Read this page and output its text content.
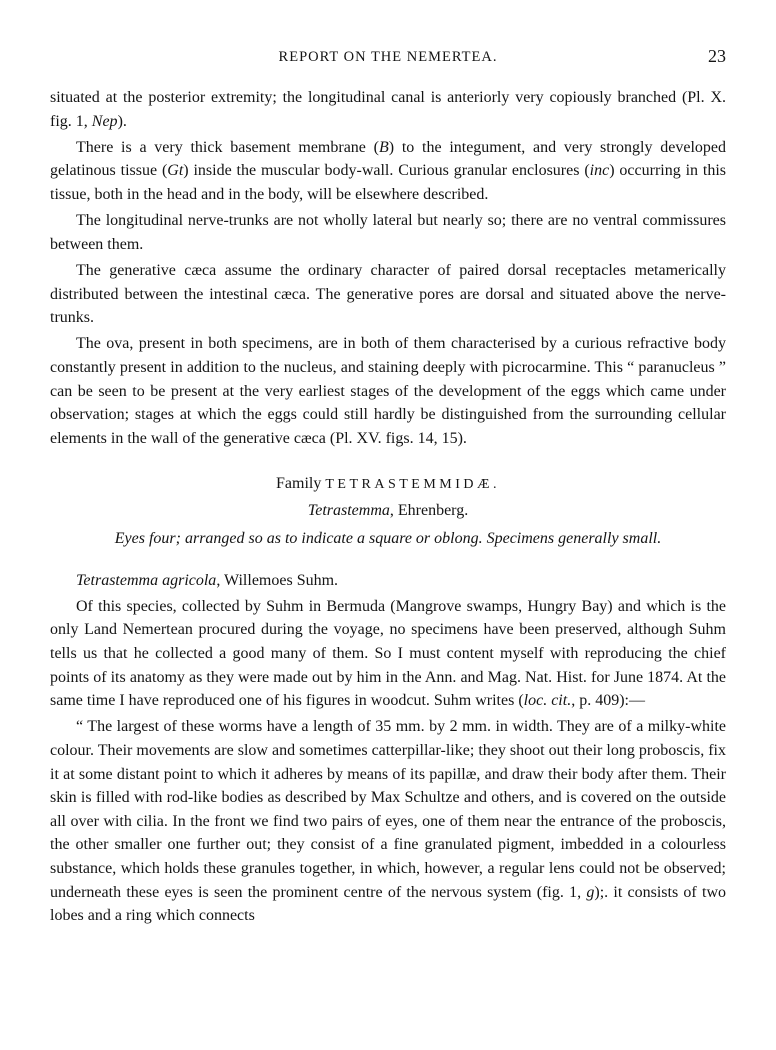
REPORT ON THE NEMERTEA.	23

situated at the posterior extremity; the longitudinal canal is anteriorly very copiously branched (Pl. X. fig. 1, Nep).

There is a very thick basement membrane (B) to the integument, and very strongly developed gelatinous tissue (Gt) inside the muscular body-wall. Curious granular enclosures (inc) occurring in this tissue, both in the head and in the body, will be elsewhere described.

The longitudinal nerve-trunks are not wholly lateral but nearly so; there are no ventral commissures between them.

The generative cæca assume the ordinary character of paired dorsal receptacles metamerically distributed between the intestinal cæca. The generative pores are dorsal and situated above the nerve-trunks.

The ova, present in both specimens, are in both of them characterised by a curious refractive body constantly present in addition to the nucleus, and staining deeply with picrocarmine. This “ paranucleus ” can be seen to be present at the very earliest stages of the development of the eggs which came under observation; stages at which the eggs could still hardly be distinguished from the surrounding cellular elements in the wall of the generative cæca (Pl. XV. figs. 14, 15).

Family TETRASTEMMIDÆ.

Tetrastemma, Ehrenberg.

Eyes four; arranged so as to indicate a square or oblong. Specimens generally small.

Tetrastemma agricola, Willemoes Suhm.

Of this species, collected by Suhm in Bermuda (Mangrove swamps, Hungry Bay) and which is the only Land Nemertean procured during the voyage, no specimens have been preserved, although Suhm tells us that he collected a good many of them. So I must content myself with reproducing the chief points of its anatomy as they were made out by him in the Ann. and Mag. Nat. Hist. for June 1874. At the same time I have reproduced one of his figures in woodcut. Suhm writes (loc. cit., p. 409):—

“ The largest of these worms have a length of 35 mm. by 2 mm. in width. They are of a milky-white colour. Their movements are slow and sometimes catterpillar-like; they shoot out their long proboscis, fix it at some distant point to which it adheres by means of its papillæ, and draw their body after them. Their skin is filled with rod-like bodies as described by Max Schultze and others, and is covered on the outside all over with cilia. In the front we find two pairs of eyes, one of them near the entrance of the proboscis, the other smaller one further out; they consist of a fine granulated pigment, imbedded in a colourless substance, which holds these granules together, in which, however, a regular lens could not be observed; underneath these eyes is seen the prominent centre of the nervous system (fig. 1, g);. it consists of two lobes and a ring which connects
